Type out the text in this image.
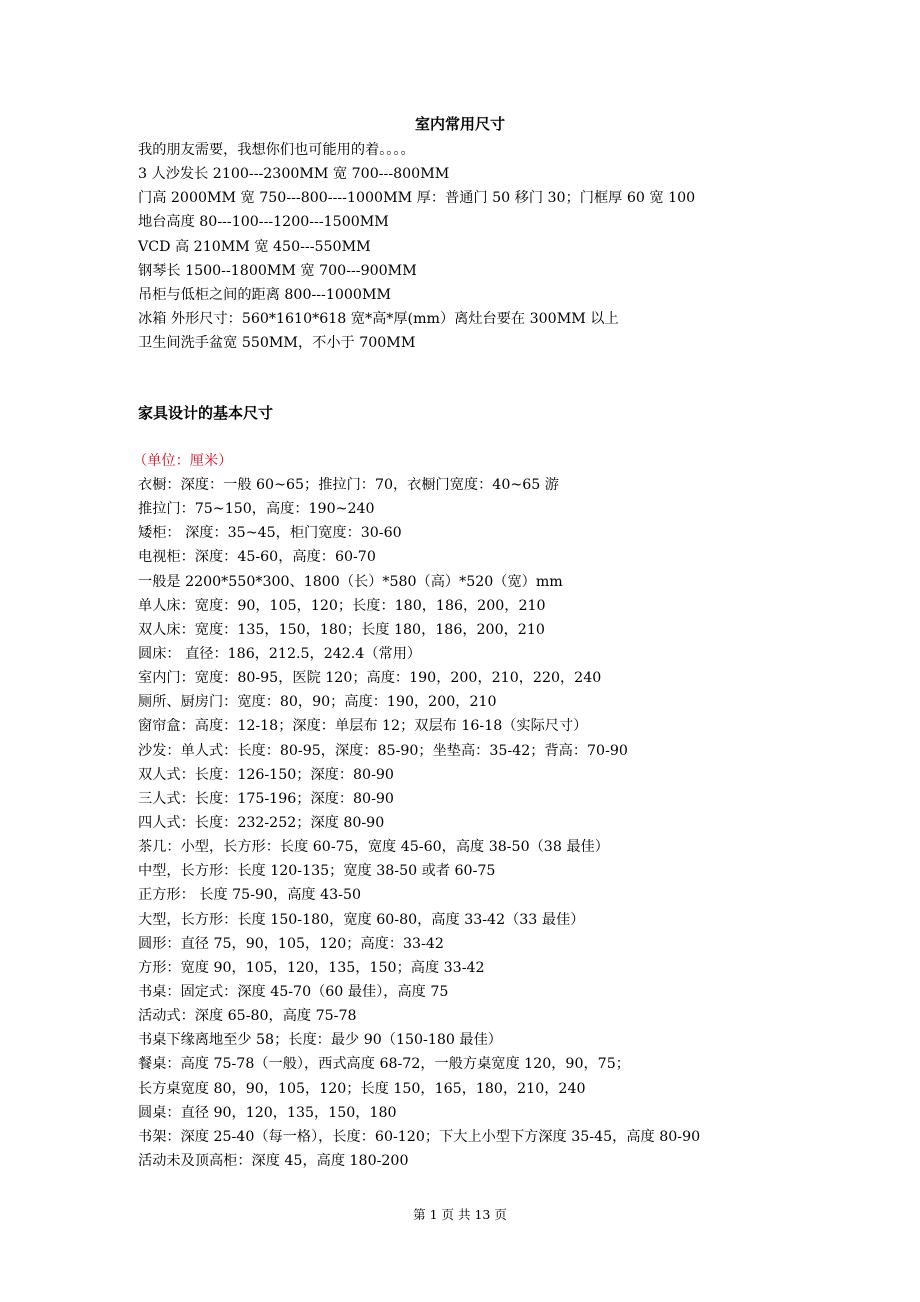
室内常用尺寸
我的朋友需要，我想你们也可能用的着。。。。
3 人沙发长 2100---2300MM 宽 700---800MM
门高 2000MM 宽 750---800----1000MM 厚：普通门 50 移门 30；门框厚 60 宽 100
地台高度 80---100---1200---1500MM
VCD 高 210MM 宽 450---550MM
钢琴长 1500--1800MM 宽 700---900MM
吊柜与低柜之间的距离 800---1000MM
冰箱 外形尺寸：560*1610*618 宽*高*厚(mm）离灶台要在 300MM 以上
卫生间洗手盆宽 550MM，不小于 700MM
家具设计的基本尺寸

（单位：厘米）

衣橱：深度：一般 60~65；推拉门：70，衣橱门宽度：40~65 游
推拉门：75~150，高度：190~240
矮柜： 深度：35~45，柜门宽度：30-60
电视柜：深度：45-60，高度：60-70
一般是 2200*550*300、1800（长）*580（高）*520（宽）mm
单人床：宽度：90，105，120；长度：180，186，200，210
双人床：宽度：135，150，180；长度 180，186，200，210
圆床： 直径：186，212.5，242.4（常用）
室内门：宽度：80-95，医院 120；高度：190，200，210，220，240
厕所、厨房门：宽度：80，90；高度：190，200，210
窗帘盒：高度：12-18；深度：单层布 12；双层布 16-18（实际尺寸）
沙发：单人式：长度：80-95，深度：85-90；坐垫高：35-42；背高：70-90
双人式：长度：126-150；深度：80-90
三人式：长度：175-196；深度：80-90
四人式：长度：232-252；深度 80-90
茶几：小型，长方形：长度 60-75，宽度 45-60，高度 38-50（38 最佳）
中型，长方形：长度 120-135；宽度 38-50 或者 60-75
正方形： 长度 75-90，高度 43-50
大型，长方形：长度 150-180，宽度 60-80，高度 33-42（33 最佳）
圆形：直径 75，90，105，120；高度：33-42
方形：宽度 90，105，120，135，150；高度 33-42
书桌：固定式：深度 45-70（60 最佳），高度 75
活动式：深度 65-80，高度 75-78
书桌下缘离地至少 58；长度：最少 90（150-180 最佳）
餐桌：高度 75-78（一般），西式高度 68-72，一般方桌宽度 120，90，75；
长方桌宽度 80，90，105，120；长度 150，165，180，210，240
圆桌：直径 90，120，135，150，180
书架：深度 25-40（每一格），长度：60-120；下大上小型下方深度 35-45，高度 80-90
活动未及顶高柜：深度 45，高度 180-200

第 1 页 共 13 页
